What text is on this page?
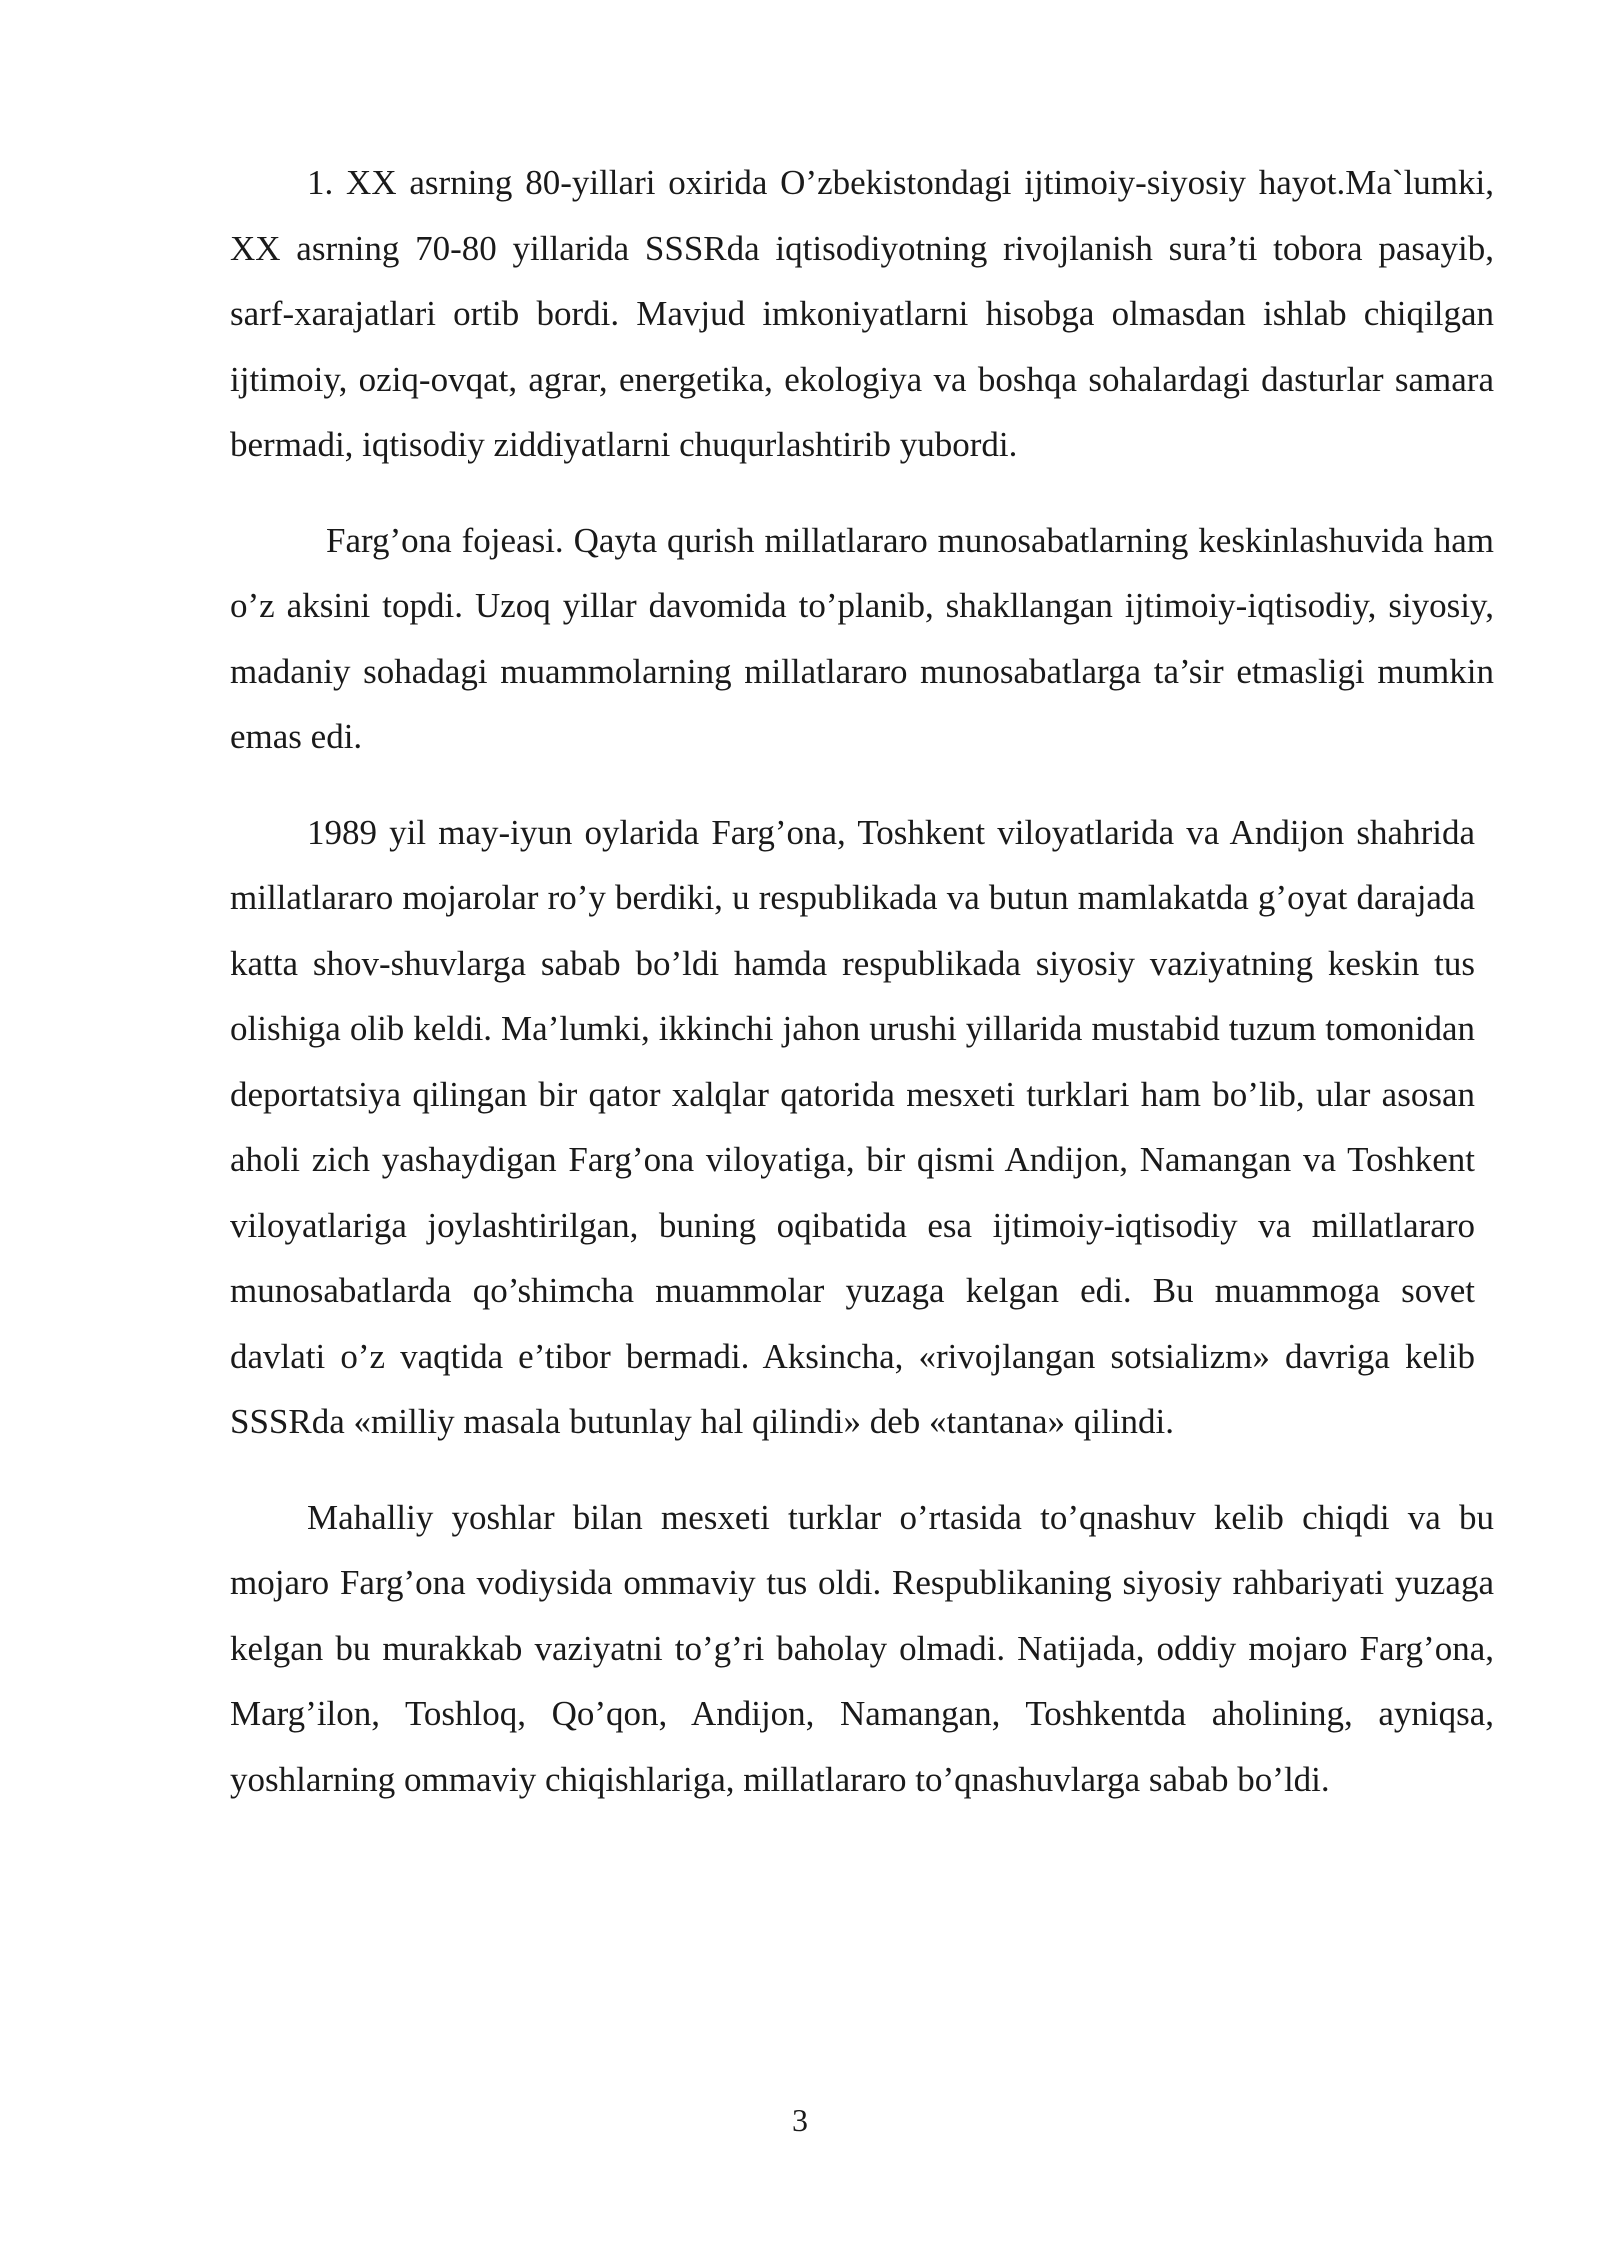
1. XX asrning 80-yillari oxirida O’zbekistondagi ijtimoiy-siyosiy hayot.Ma`lumki, XX asrning 70-80 yillarida SSSRda iqtisodiyotning rivojlanish sura’ti tobora pasayib, sarf-xarajatlari ortib bordi. Mavjud imkoniyatlarni hisobga olmasdan ishlab chiqilgan ijtimoiy, oziq-ovqat, agrar, energetika, ekologiya va boshqa sohalardagi dasturlar samara bermadi, iqtisodiy ziddiyatlarni chuqurlashtirib yubordi.

Farg’ona fojeasi. Qayta qurish millatlararo munosabatlarning keskinlashuvida ham o’z aksini topdi. Uzoq yillar davomida to’planib, shakllangan ijtimoiy-iqtisodiy, siyosiy, madaniy sohadagi muammolarning millatlararo munosabatlarga ta’sir etmasligi mumkin emas edi.

1989 yil may-iyun oylarida Farg’ona, Toshkent viloyatlarida va Andijon shahrida millatlararo mojarolar ro’y berdiki, u respublikada va butun mamlakatda g’oyat darajada katta shov-shuvlarga sabab bo’ldi hamda respublikada siyosiy vaziyatning keskin tus olishiga olib keldi. Ma’lumki, ikkinchi jahon urushi yillarida mustabid tuzum tomonidan deportatsiya qilingan bir qator xalqlar qatorida mesxeti turklari ham bo’lib, ular asosan aholi zich yashaydigan Farg’ona viloyatiga, bir qismi Andijon, Namangan va Toshkent viloyatlariga joylashtirilgan, buning oqibatida esa ijtimoiy-iqtisodiy va millatlararo munosabatlarda qo’shimcha muammolar yuzaga kelgan edi. Bu muammoga sovet davlati o’z vaqtida e’tibor bermadi. Aksincha, «rivojlangan sotsializm» davriga kelib SSSRda «milliy masala butunlay hal qilindi» deb «tantana» qilindi.

Mahalliy yoshlar bilan mesxeti turklar o’rtasida to’qnashuv kelib chiqdi va bu mojaro Farg’ona vodiysida ommaviy tus oldi. Respublikaning siyosiy rahbariyati yuzaga kelgan bu murakkab vaziyatni to’g’ri baholay olmadi. Natijada, oddiy mojaro Farg’ona, Marg’ilon, Toshloq, Qo’qon, Andijon, Namangan, Toshkentda aholining, ayniqsa, yoshlarning ommaviy chiqishlariga, millatlararo to’qnashuvlarga sabab bo’ldi.

3
